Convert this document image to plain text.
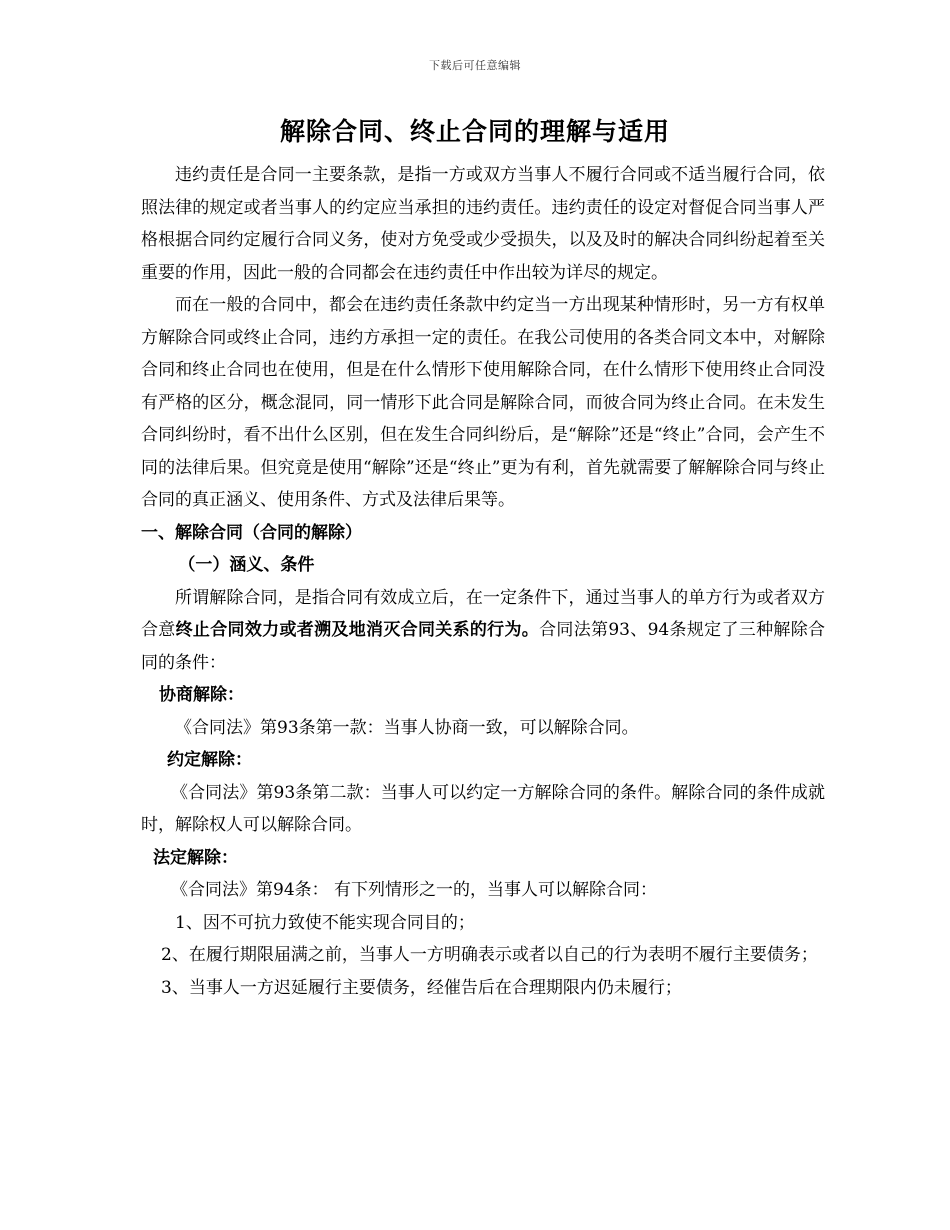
下载后可任意编辑
解除合同、终止合同的理解与适用

违约责任是合同一主要条款，是指一方或双方当事人不履行合同或不适当履行合同，依照法律的规定或者当事人的约定应当承担的违约责任。违约责任的设定对督促合同当事人严格根据合同约定履行合同义务，使对方免受或少受损失，以及及时的解决合同纠纷起着至关重要的作用，因此一般的合同都会在违约责任中作出较为详尽的规定。

而在一般的合同中，都会在违约责任条款中约定当一方出现某种情形时，另一方有权单方解除合同或终止合同，违约方承担一定的责任。在我公司使用的各类合同文本中，对解除合同和终止合同也在使用，但是在什么情形下使用解除合同，在什么情形下使用终止合同没有严格的区分，概念混同，同一情形下此合同是解除合同，而彼合同为终止合同。在未发生合同纠纷时，看不出什么区别，但在发生合同纠纷后，是“解除”还是“终止”合同，会产生不同的法律后果。但究竟是使用“解除”还是“终止”更为有利，首先就需要了解解除合同与终止合同的真正涵义、使用条件、方式及法律后果等。

一、解除合同（合同的解除）

（一）涵义、条件

所谓解除合同，是指合同有效成立后，在一定条件下，通过当事人的单方行为或者双方合意终止合同效力或者溯及地消灭合同关系的行为。合同法第93、94条规定了三种解除合同的条件：

协商解除：

《合同法》第93条第一款：当事人协商一致，可以解除合同。

约定解除：

《合同法》第93条第二款：当事人可以约定一方解除合同的条件。解除合同的条件成就时，解除权人可以解除合同。

法定解除：

《合同法》第94条： 有下列情形之一的，当事人可以解除合同：

1、因不可抗力致使不能实现合同目的；

2、在履行期限届满之前，当事人一方明确表示或者以自己的行为表明不履行主要债务；

3、当事人一方迟延履行主要债务，经催告后在合理期限内仍未履行；
